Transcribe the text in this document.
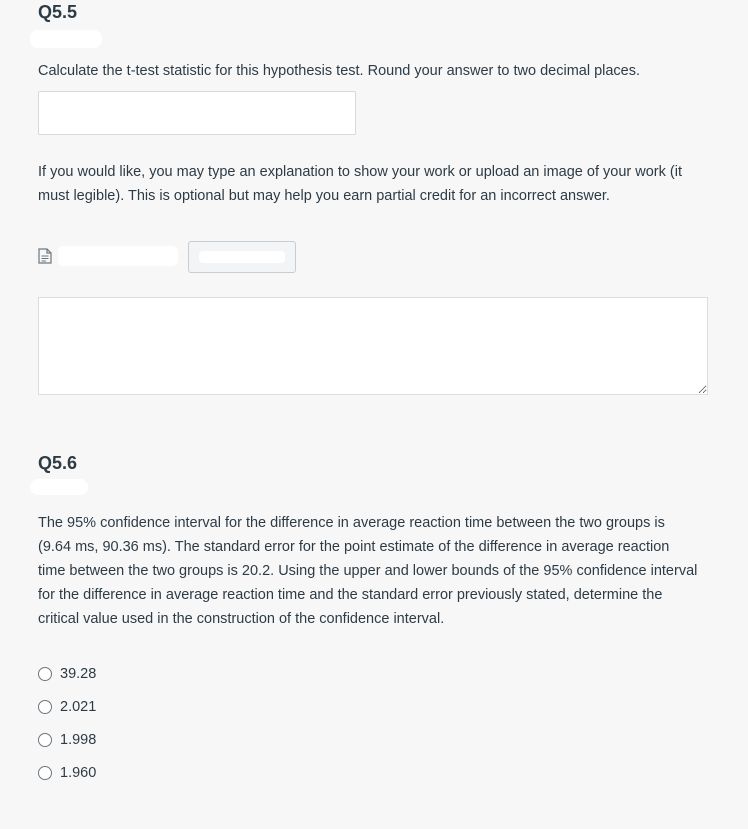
Q5.5

Calculate the t-test statistic for this hypothesis test. Round your answer to two decimal places.

If you would like, you may type an explanation to show your work or upload an image of your work (it must legible). This is optional but may help you earn partial credit for an incorrect answer.

Q5.6

The 95% confidence interval for the difference in average reaction time between the two groups is (9.64 ms, 90.36 ms). The standard error for the point estimate of the difference in average reaction time between the two groups is 20.2. Using the upper and lower bounds of the 95% confidence interval for the difference in average reaction time and the standard error previously stated, determine the critical value used in the construction of the confidence interval.

39.28
2.021
1.998
1.960
